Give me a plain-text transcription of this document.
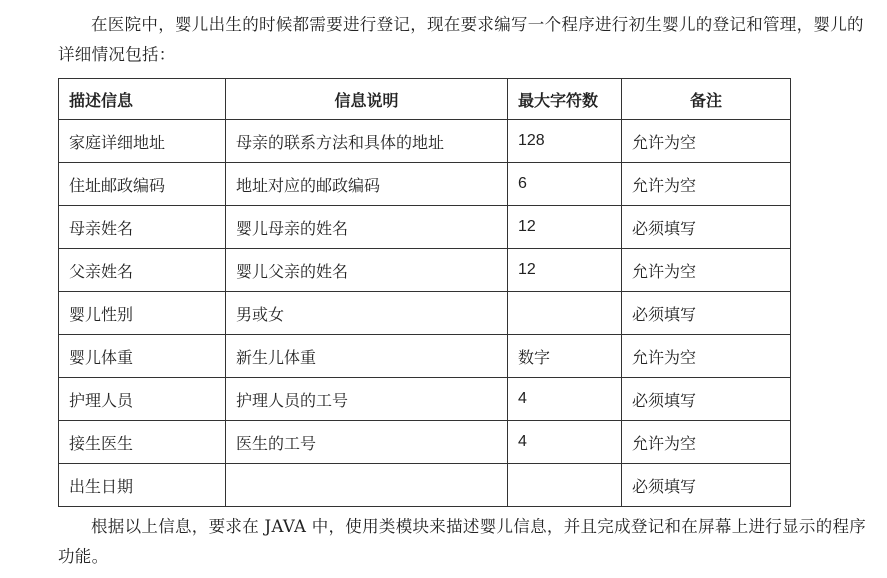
在医院中，婴儿出生的时候都需要进行登记，现在要求编写一个程序进行初生婴儿的登记和管理，婴儿的详细情况包括：
描述信息	信息说明	最大字符数	备注
家庭详细地址	母亲的联系方法和具体的地址	128	允许为空
住址邮政编码	地址对应的邮政编码	6	允许为空
母亲姓名	婴儿母亲的姓名	12	必须填写
父亲姓名	婴儿父亲的姓名	12	允许为空
婴儿性别	男或女		必须填写
婴儿体重	新生儿体重	数字	允许为空
护理人员	护理人员的工号	4	必须填写
接生医生	医生的工号	4	允许为空
出生日期			必须填写
根据以上信息，要求在 JAVA 中，使用类模块来描述婴儿信息，并且完成登记和在屏幕上进行显示的程序功能。
